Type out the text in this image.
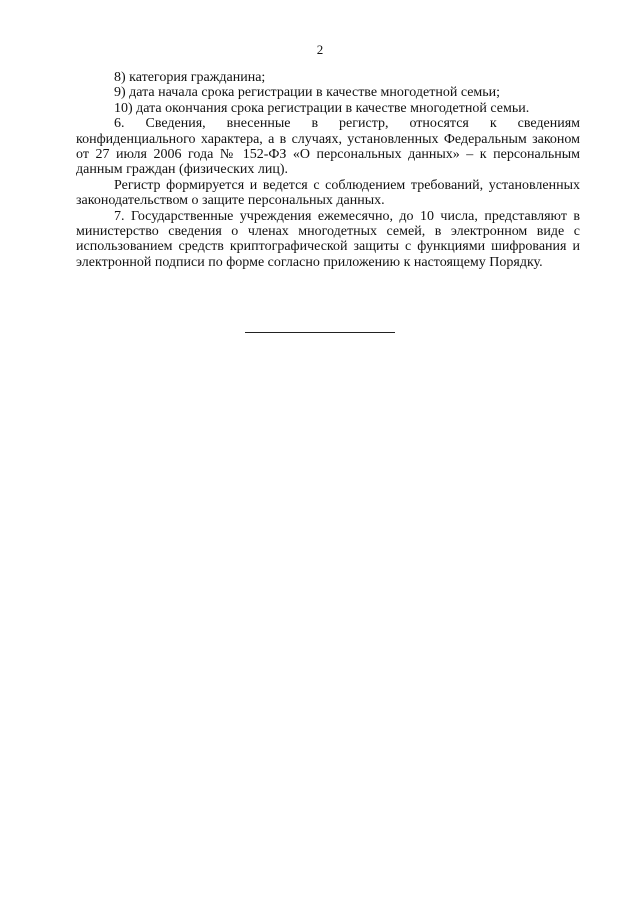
2

8) категория гражданина;

9) дата начала срока регистрации в качестве многодетной семьи;

10) дата окончания срока регистрации в качестве многодетной семьи.

6. Сведения, внесенные в регистр, относятся к сведениям конфиденциального характера, а в случаях, установленных Федеральным законом от 27 июля 2006 года № 152-ФЗ «О персональных данных» – к персональным данным граждан (физических лиц).

Регистр формируется и ведется с соблюдением требований, установленных законодательством о защите персональных данных.

7. Государственные учреждения ежемесячно, до 10 числа, представляют в министерство сведения о членах многодетных семей, в электронном виде с использованием средств криптографической защиты с функциями шифрования и электронной подписи по форме согласно приложению к настоящему Порядку.
